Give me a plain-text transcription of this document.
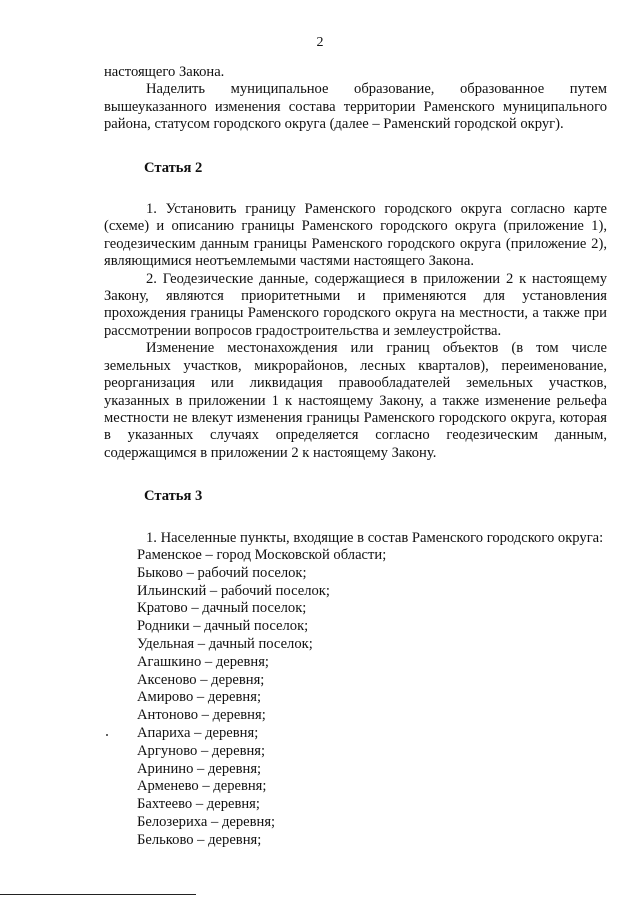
2

настоящего Закона.

Наделить муниципальное образование, образованное путем вышеуказанного изменения состава территории Раменского муниципального района, статусом городского округа (далее – Раменский городской округ).

Статья 2

1. Установить границу Раменского городского округа согласно карте (схеме) и описанию границы Раменского городского округа (приложение 1), геодезическим данным границы Раменского городского округа (приложение 2), являющимися неотъемлемыми частями настоящего Закона.

2. Геодезические данные, содержащиеся в приложении 2 к настоящему Закону, являются приоритетными и применяются для установления прохождения границы Раменского городского округа на местности, а также при рассмотрении вопросов градостроительства и землеустройства.

Изменение местонахождения или границ объектов (в том числе земельных участков, микрорайонов, лесных кварталов), переименование, реорганизация или ликвидация правообладателей земельных участков, указанных в приложении 1 к настоящему Закону, а также изменение рельефа местности не влекут изменения границы Раменского городского округа, которая в указанных случаях определяется согласно геодезическим данным, содержащимся в приложении 2 к настоящему Закону.

Статья 3

1. Населенные пункты, входящие в состав Раменского городского округа:

Раменское – город Московской области;
Быково – рабочий поселок;
Ильинский – рабочий поселок;
Кратово – дачный поселок;
Родники – дачный поселок;
Удельная – дачный поселок;
Агашкино – деревня;
Аксеново – деревня;
Амирово – деревня;
Антоново – деревня;
Апариха – деревня;
Аргуново – деревня;
Аринино – деревня;
Арменево – деревня;
Бахтеево – деревня;
Белозериха – деревня;
Бельково – деревня;
